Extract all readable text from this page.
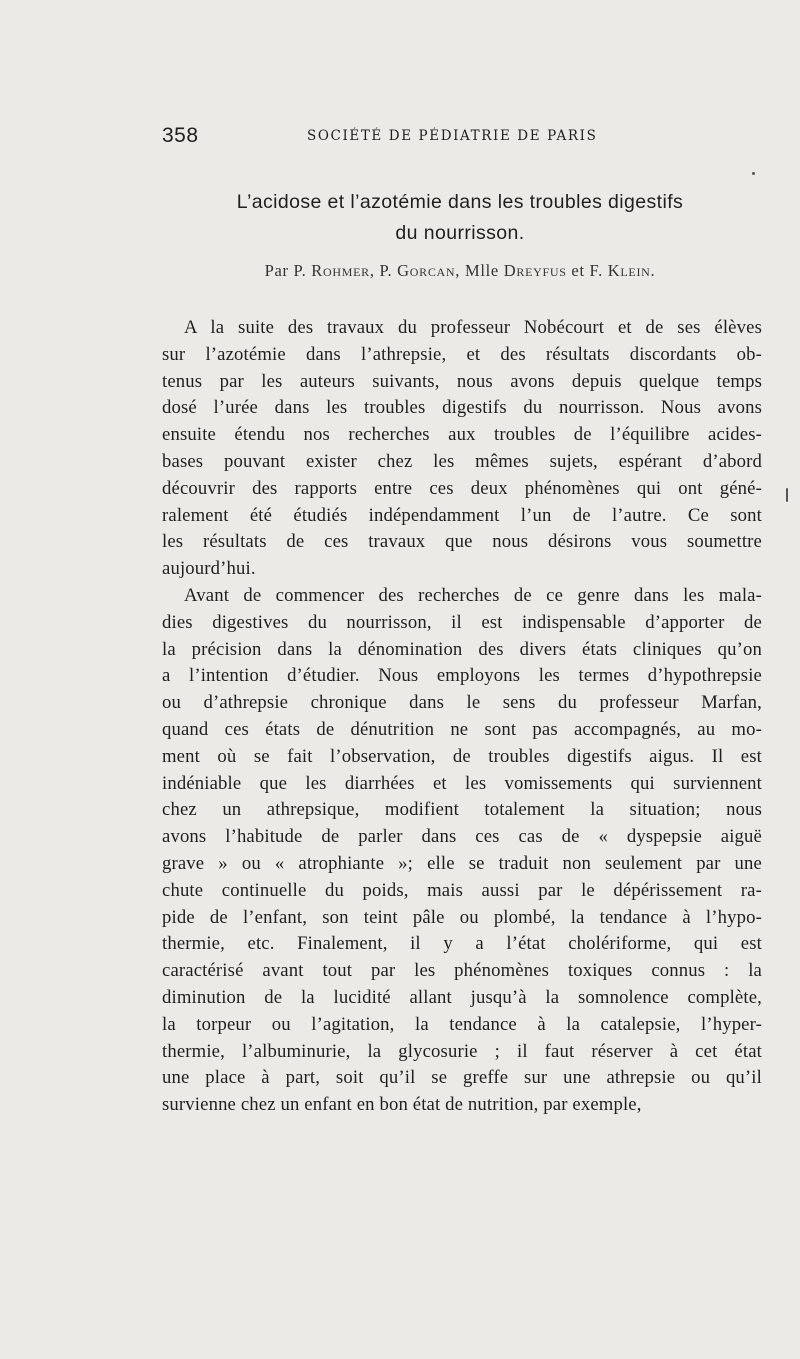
358	SOCIÉTÉ DE PÉDIATRIE DE PARIS
L’acidose et l’azotémie dans les troubles digestifs
du nourrisson.
Par P. Rohmer, P. Gorcan, Mlle Dreyfus et F. Klein.

A la suite des travaux du professeur Nobécourt et de ses élèves
sur l’azotémie dans l’athrepsie, et des résultats discordants ob-
tenus par les auteurs suivants, nous avons depuis quelque temps
dosé l’urée dans les troubles digestifs du nourrisson. Nous avons
ensuite étendu nos recherches aux troubles de l’équilibre acides-
bases pouvant exister chez les mêmes sujets, espérant d’abord
découvrir des rapports entre ces deux phénomènes qui ont géné-
ralement été étudiés indépendamment l’un de l’autre. Ce sont
les résultats de ces travaux que nous désirons vous soumettre
aujourd’hui.

Avant de commencer des recherches de ce genre dans les mala-
dies digestives du nourrisson, il est indispensable d’apporter de
la précision dans la dénomination des divers états cliniques qu’on
a l’intention d’étudier. Nous employons les termes d’hypothrepsie
ou d’athrepsie chronique dans le sens du professeur Marfan,
quand ces états de dénutrition ne sont pas accompagnés, au mo-
ment où se fait l’observation, de troubles digestifs aigus. Il est
indéniable que les diarrhées et les vomissements qui surviennent
chez un athrepsique, modifient totalement la situation; nous
avons l’habitude de parler dans ces cas de « dyspepsie aiguë
grave » ou « atrophiante »; elle se traduit non seulement par une
chute continuelle du poids, mais aussi par le dépérissement ra-
pide de l’enfant, son teint pâle ou plombé, la tendance à l’hypo-
thermie, etc. Finalement, il y a l’état cholériforme, qui est
caractérisé avant tout par les phénomènes toxiques connus : la
diminution de la lucidité allant jusqu’à la somnolence complète,
la torpeur ou l’agitation, la tendance à la catalepsie, l’hyper-
thermie, l’albuminurie, la glycosurie ; il faut réserver à cet état
une place à part, soit qu’il se greffe sur une athrepsie ou qu’il
survienne chez un enfant en bon état de nutrition, par exemple,
